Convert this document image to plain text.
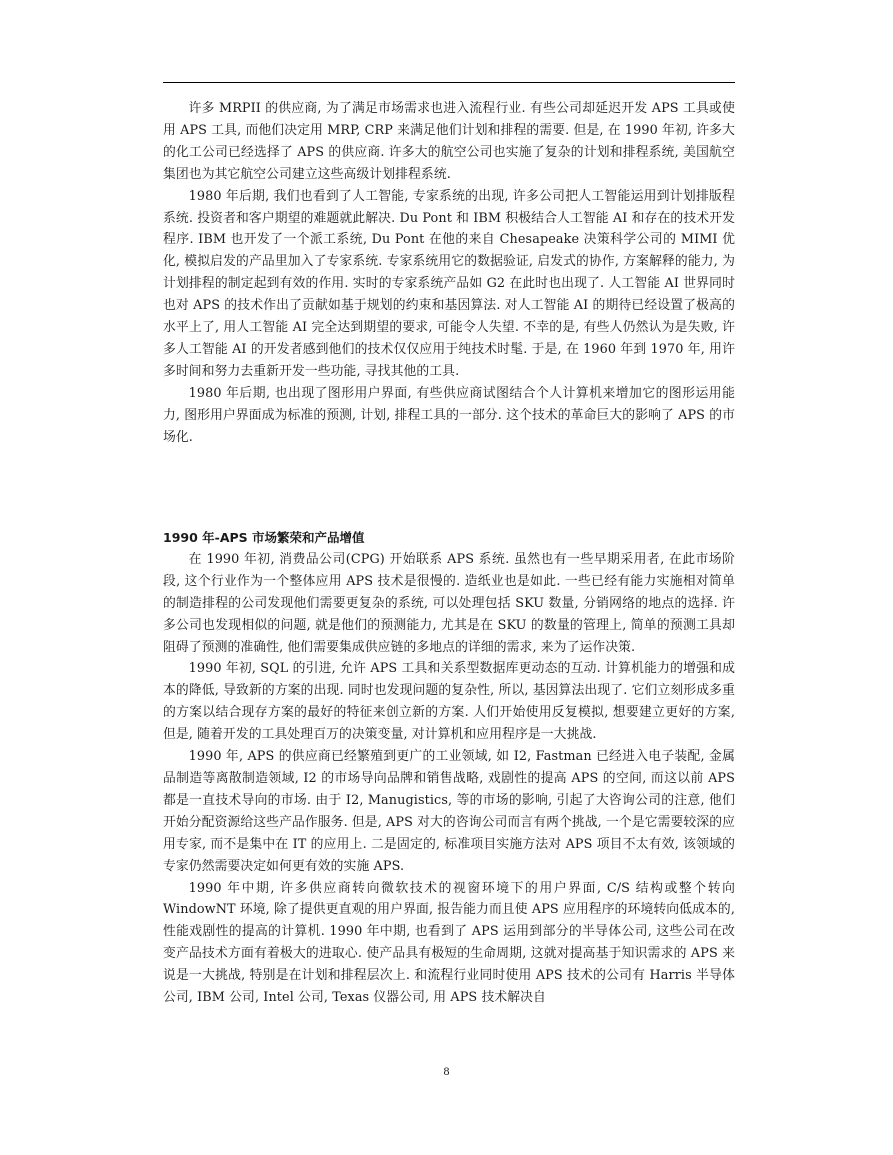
许多 MRPII 的供应商, 为了满足市场需求也进入流程行业. 有些公司却延迟开发 APS 工具或使用 APS 工具, 而他们决定用 MRP, CRP 来满足他们计划和排程的需要. 但是, 在 1990 年初, 许多大的化工公司已经选择了 APS 的供应商. 许多大的航空公司也实施了复杂的计划和排程系统, 美国航空集团也为其它航空公司建立这些高级计划排程系统.

1980 年后期, 我们也看到了人工智能, 专家系统的出现, 许多公司把人工智能运用到计划排版程系统. 投资者和客户期望的难题就此解决. Du Pont 和 IBM 积极结合人工智能 AI 和存在的技术开发程序. IBM 也开发了一个派工系统, Du Pont 在他的来自 Chesapeake 决策科学公司的 MIMI 优化, 模拟启发的产品里加入了专家系统. 专家系统用它的数据验证, 启发式的协作, 方案解释的能力, 为计划排程的制定起到有效的作用. 实时的专家系统产品如 G2 在此时也出现了. 人工智能 AI 世界同时也对 APS 的技术作出了贡献如基于规划的约束和基因算法. 对人工智能 AI 的期待已经设置了极高的水平上了, 用人工智能 AI 完全达到期望的要求, 可能令人失望. 不幸的是, 有些人仍然认为是失败, 许多人工智能 AI 的开发者感到他们的技术仅仅应用于纯技术时髦. 于是, 在 1960 年到 1970 年, 用许多时间和努力去重新开发一些功能, 寻找其他的工具.

1980 年后期, 也出现了图形用户界面, 有些供应商试图结合个人计算机来增加它的图形运用能力, 图形用户界面成为标准的预测, 计划, 排程工具的一部分. 这个技术的革命巨大的影响了 APS 的市场化.

1990 年-APS 市场繁荣和产品增值

在 1990 年初, 消费品公司(CPG) 开始联系 APS 系统. 虽然也有一些早期采用者, 在此市场阶段, 这个行业作为一个整体应用 APS 技术是很慢的. 造纸业也是如此. 一些已经有能力实施相对简单的制造排程的公司发现他们需要更复杂的系统, 可以处理包括 SKU 数量, 分销网络的地点的选择. 许多公司也发现相似的问题, 就是他们的预测能力, 尤其是在 SKU 的数量的管理上, 简单的预测工具却阻碍了预测的准确性, 他们需要集成供应链的多地点的详细的需求, 来为了运作决策.

1990 年初, SQL 的引进, 允许 APS 工具和关系型数据库更动态的互动. 计算机能力的增强和成本的降低, 导致新的方案的出现. 同时也发现问题的复杂性, 所以, 基因算法出现了. 它们立刻形成多重的方案以结合现存方案的最好的特征来创立新的方案. 人们开始使用反复模拟, 想要建立更好的方案, 但是, 随着开发的工具处理百万的决策变量, 对计算机和应用程序是一大挑战.

1990 年, APS 的供应商已经繁殖到更广的工业领域, 如 I2, Fastman 已经进入电子装配, 金属品制造等离散制造领域, I2 的市场导向品牌和销售战略, 戏剧性的提高 APS 的空间, 而这以前 APS 都是一直技术导向的市场. 由于 I2, Manugistics, 等的市场的影响, 引起了大咨询公司的注意, 他们开始分配资源给这些产品作服务. 但是, APS 对大的咨询公司而言有两个挑战, 一个是它需要较深的应用专家, 而不是集中在 IT 的应用上. 二是固定的, 标准项目实施方法对 APS 项目不太有效, 该领域的专家仍然需要决定如何更有效的实施 APS.

1990 年中期, 许多供应商转向微软技术的视窗环境下的用户界面, C/S 结构或整个转向 WindowNT 环境, 除了提供更直观的用户界面, 报告能力而且使 APS 应用程序的环境转向低成本的, 性能戏剧性的提高的计算机. 1990 年中期, 也看到了 APS 运用到部分的半导体公司, 这些公司在改变产品技术方面有着极大的进取心. 使产品具有极短的生命周期, 这就对提高基于知识需求的 APS 来说是一大挑战, 特别是在计划和排程层次上. 和流程行业同时使用 APS 技术的公司有 Harris 半导体公司, IBM 公司, Intel 公司, Texas 仪器公司, 用 APS 技术解决自

8
